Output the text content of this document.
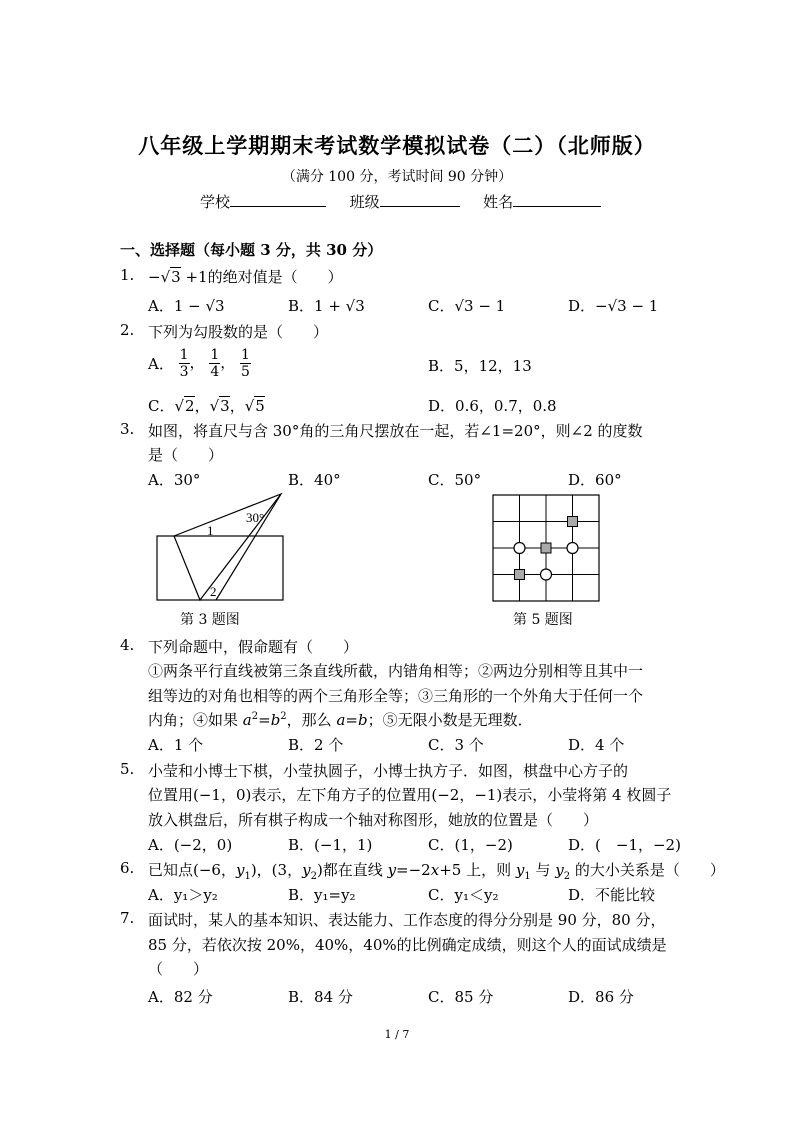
八年级上学期期末考试数学模拟试卷（二）（北师版）
（满分 100 分，考试时间 90 分钟）
学校	班级	姓名
一、选择题（每小题 3 分，共 30 分）
1. −√3 +1的绝对值是（　　）
A．1 − √3	B．1 + √3	C．√3 − 1	D．−√3 − 1
2. 下列为勾股数的是（　　）
A． $\frac{1}{3}$ ， $\frac{1}{4}$ ， $\frac{1}{5}$	B．5，12，13
C．√2，√3，√5	D．0.6，0.7，0.8
3. 如图，将直尺与含 30°角的三角尺摆放在一起，若∠1=20°，则∠2 的度数
是（　　）
A．30°	B．40°	C．50°	D．60°
30°
1
2
第 3 题图	第 5 题图
4. 下列命题中，假命题有（　　）
①两条平行直线被第三条直线所截，内错角相等；②两边分别相等且其中一
组等边的对角也相等的两个三角形全等；③三角形的一个外角大于任何一个
内角；④如果 $a^2=b^2$，那么 a=b；⑤无限小数是无理数．
A．1 个	B．2 个	C．3 个	D．4 个
5. 小莹和小博士下棋，小莹执圆子，小博士执方子．如图，棋盘中心方子的
位置用(−1，0)表示，左下角方子的位置用(−2，−1)表示，小莹将第 4 枚圆子
放入棋盘后，所有棋子构成一个轴对称图形，她放的位置是（　　）
A．(−2，0)	B．(−1，1)	C．(1，−2)	D．(　−1，−2)
6. 已知点(−6，$y_1$)，(3，$y_2$)都在直线 y=−2x+5 上，则 $y_1$ 与 $y_2$ 的大小关系是（　　）
A．y₁＞y₂	B．y₁=y₂	C．y₁＜y₂	D．不能比较
7. 面试时，某人的基本知识、表达能力、工作态度的得分分别是 90 分，80 分，
85 分，若依次按 20%，40%，40%的比例确定成绩，则这个人的面试成绩是
（　　）
A．82 分	B．84 分	C．85 分	D．86 分
1 / 7
